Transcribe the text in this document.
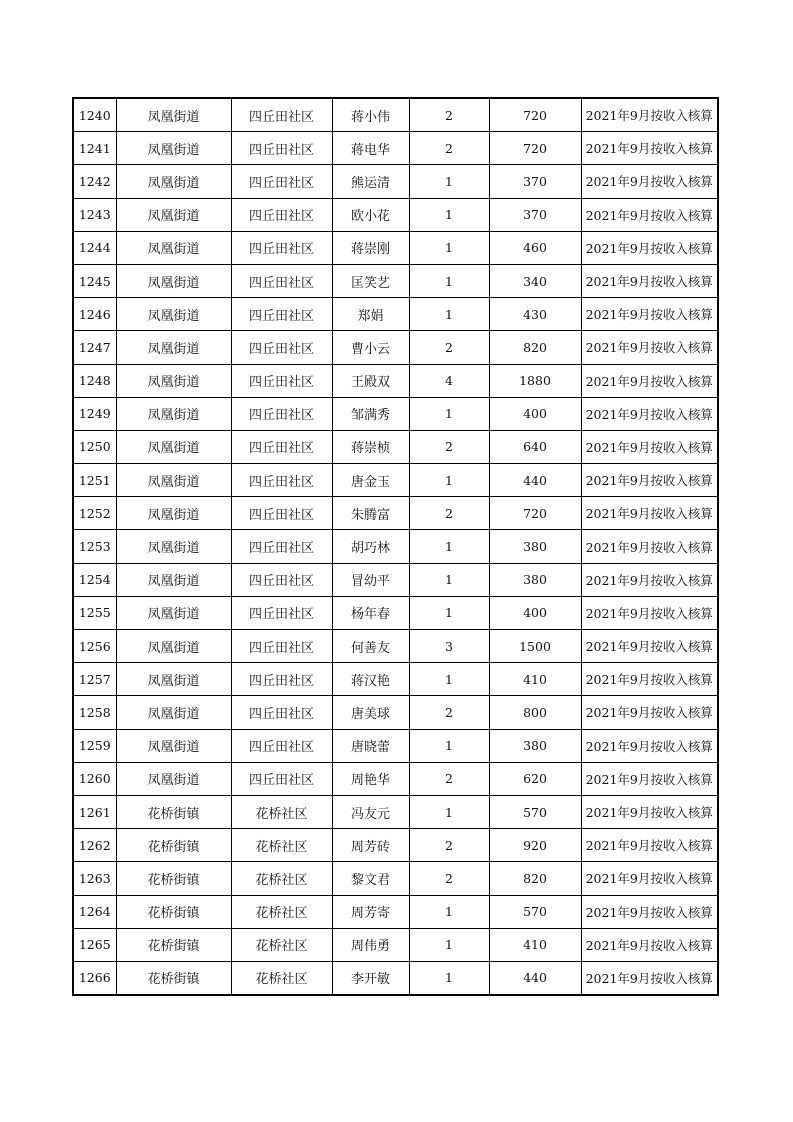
1240	凤凰街道	四丘田社区	蒋小伟	2	720	2021年9月按收入核算
1241	凤凰街道	四丘田社区	蒋电华	2	720	2021年9月按收入核算
1242	凤凰街道	四丘田社区	熊运清	1	370	2021年9月按收入核算
1243	凤凰街道	四丘田社区	欧小花	1	370	2021年9月按收入核算
1244	凤凰街道	四丘田社区	蒋崇刚	1	460	2021年9月按收入核算
1245	凤凰街道	四丘田社区	匡笑艺	1	340	2021年9月按收入核算
1246	凤凰街道	四丘田社区	郑娟	1	430	2021年9月按收入核算
1247	凤凰街道	四丘田社区	曹小云	2	820	2021年9月按收入核算
1248	凤凰街道	四丘田社区	王殿双	4	1880	2021年9月按收入核算
1249	凤凰街道	四丘田社区	邹满秀	1	400	2021年9月按收入核算
1250	凤凰街道	四丘田社区	蒋崇桢	2	640	2021年9月按收入核算
1251	凤凰街道	四丘田社区	唐金玉	1	440	2021年9月按收入核算
1252	凤凰街道	四丘田社区	朱腾富	2	720	2021年9月按收入核算
1253	凤凰街道	四丘田社区	胡巧林	1	380	2021年9月按收入核算
1254	凤凰街道	四丘田社区	冒幼平	1	380	2021年9月按收入核算
1255	凤凰街道	四丘田社区	杨年春	1	400	2021年9月按收入核算
1256	凤凰街道	四丘田社区	何善友	3	1500	2021年9月按收入核算
1257	凤凰街道	四丘田社区	蒋汉艳	1	410	2021年9月按收入核算
1258	凤凰街道	四丘田社区	唐美球	2	800	2021年9月按收入核算
1259	凤凰街道	四丘田社区	唐晓蕾	1	380	2021年9月按收入核算
1260	凤凰街道	四丘田社区	周艳华	2	620	2021年9月按收入核算
1261	花桥街镇	花桥社区	冯友元	1	570	2021年9月按收入核算
1262	花桥街镇	花桥社区	周芳砖	2	920	2021年9月按收入核算
1263	花桥街镇	花桥社区	黎文君	2	820	2021年9月按收入核算
1264	花桥街镇	花桥社区	周芳寄	1	570	2021年9月按收入核算
1265	花桥街镇	花桥社区	周伟勇	1	410	2021年9月按收入核算
1266	花桥街镇	花桥社区	李开敏	1	440	2021年9月按收入核算
